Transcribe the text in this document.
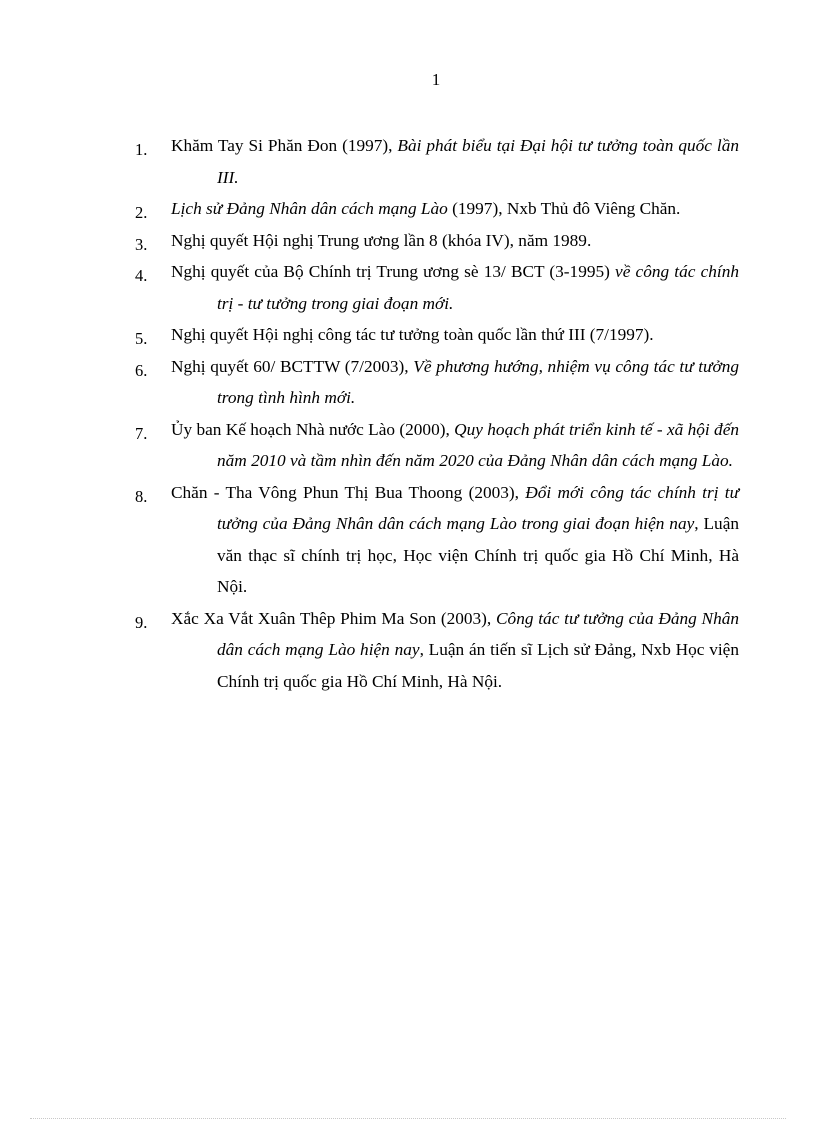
1
1.	Khăm Tay Si Phăn Đon (1997), Bài phát biểu tại Đại hội tư tưởng toàn quốc lần III.
2.	Lịch sử Đảng Nhân dân cách mạng Lào (1997), Nxb Thủ đô Viêng Chăn.
3.	Nghị quyết Hội nghị Trung ương lần 8 (khóa IV), năm 1989.
4.	Nghị quyết của Bộ Chính trị Trung ương sè 13/ BCT (3-1995) về công tác chính trị - tư tưởng trong giai đoạn mới.
5.	Nghị quyết Hội nghị công tác tư tưởng toàn quốc lần thứ III (7/1997).
6.	Nghị quyết 60/ BCTTW (7/2003), Về phương hướng, nhiệm vụ công tác tư tưởng trong tình hình mới.
7.	Ủy ban Kế hoạch Nhà nước Lào (2000), Quy hoạch phát triển kinh tế - xã hội đến năm 2010 và tầm nhìn đến năm 2020 của Đảng Nhân dân cách mạng Lào.
8.	Chăn - Tha Vông Phun Thị Bua Thoong (2003), Đổi mới công tác chính trị tư tưởng của Đảng Nhân dân cách mạng Lào trong giai đoạn hiện nay, Luận văn thạc sĩ chính trị học, Học viện Chính trị quốc gia Hồ Chí Minh, Hà Nội.
9.	Xắc Xa Vắt Xuân Thêp Phim Ma Son (2003), Công tác tư tưởng của Đảng Nhân dân cách mạng Lào hiện nay, Luận án tiến sĩ Lịch sử Đảng, Nxb Học viện Chính trị quốc gia Hồ Chí Minh, Hà Nội.
